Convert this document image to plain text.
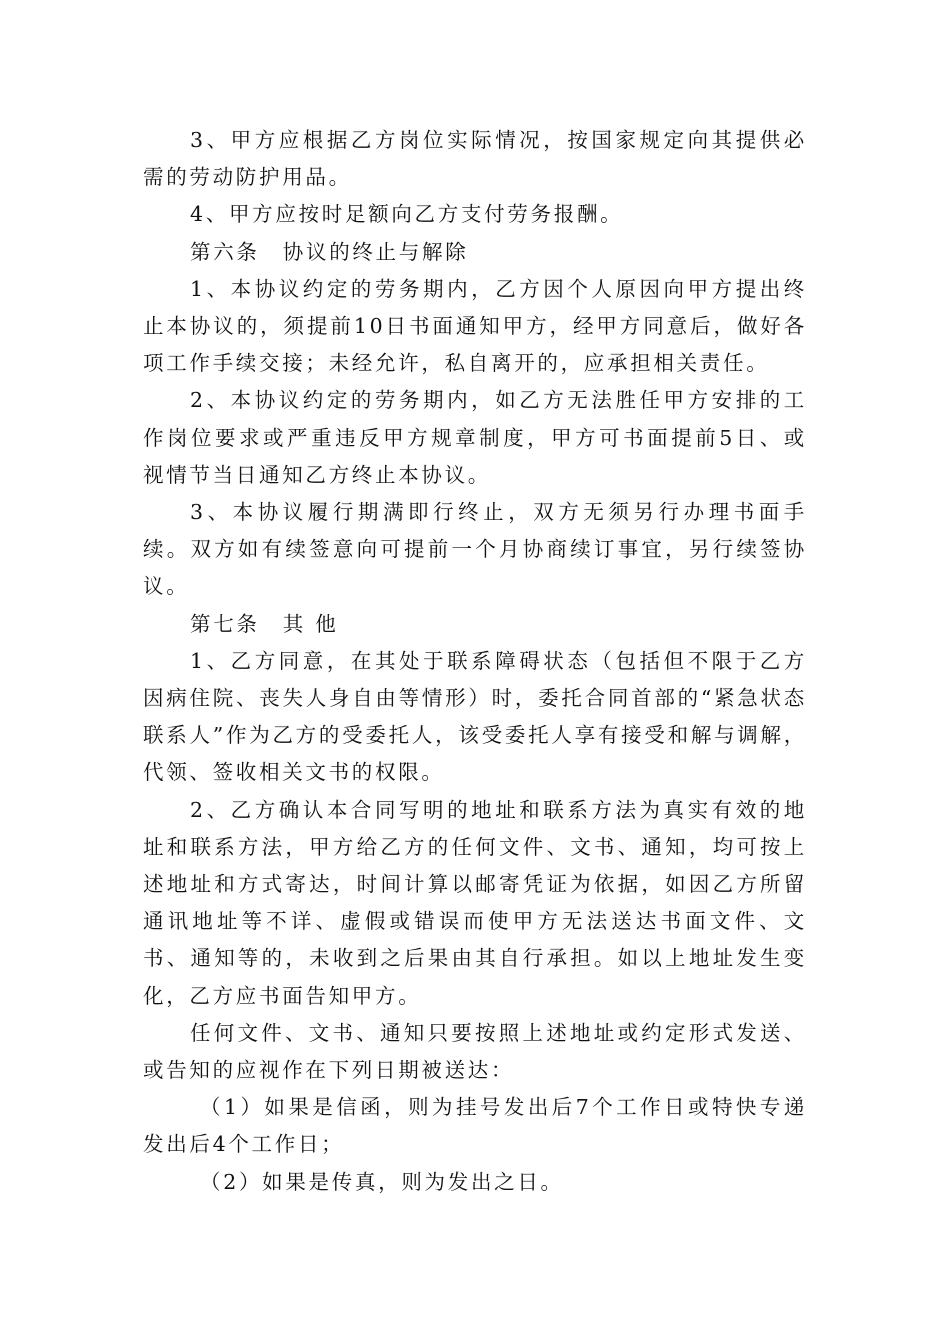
3、甲方应根据乙方岗位实际情况，按国家规定向其提供必需的劳动防护用品。

4、甲方应按时足额向乙方支付劳务报酬。

第六条　协议的终止与解除

1、本协议约定的劳务期内，乙方因个人原因向甲方提出终止本协议的，须提前10日书面通知甲方，经甲方同意后，做好各项工作手续交接；未经允许，私自离开的，应承担相关责任。

2、本协议约定的劳务期内，如乙方无法胜任甲方安排的工作岗位要求或严重违反甲方规章制度，甲方可书面提前5日、或视情节当日通知乙方终止本协议。

3、本协议履行期满即行终止，双方无须另行办理书面手续。双方如有续签意向可提前一个月协商续订事宜，另行续签协议。

第七条　其 他

1、乙方同意，在其处于联系障碍状态（包括但不限于乙方因病住院、丧失人身自由等情形）时，委托合同首部的“紧急状态联系人”作为乙方的受委托人，该受委托人享有接受和解与调解，代领、签收相关文书的权限。

2、乙方确认本合同写明的地址和联系方法为真实有效的地址和联系方法，甲方给乙方的任何文件、文书、通知，均可按上述地址和方式寄达，时间计算以邮寄凭证为依据，如因乙方所留通讯地址等不详、虚假或错误而使甲方无法送达书面文件、文书、通知等的，未收到之后果由其自行承担。如以上地址发生变化，乙方应书面告知甲方。

任何文件、文书、通知只要按照上述地址或约定形式发送、或告知的应视作在下列日期被送达：

（1）如果是信函，则为挂号发出后7个工作日或特快专递发出后4个工作日；

（2）如果是传真，则为发出之日。
